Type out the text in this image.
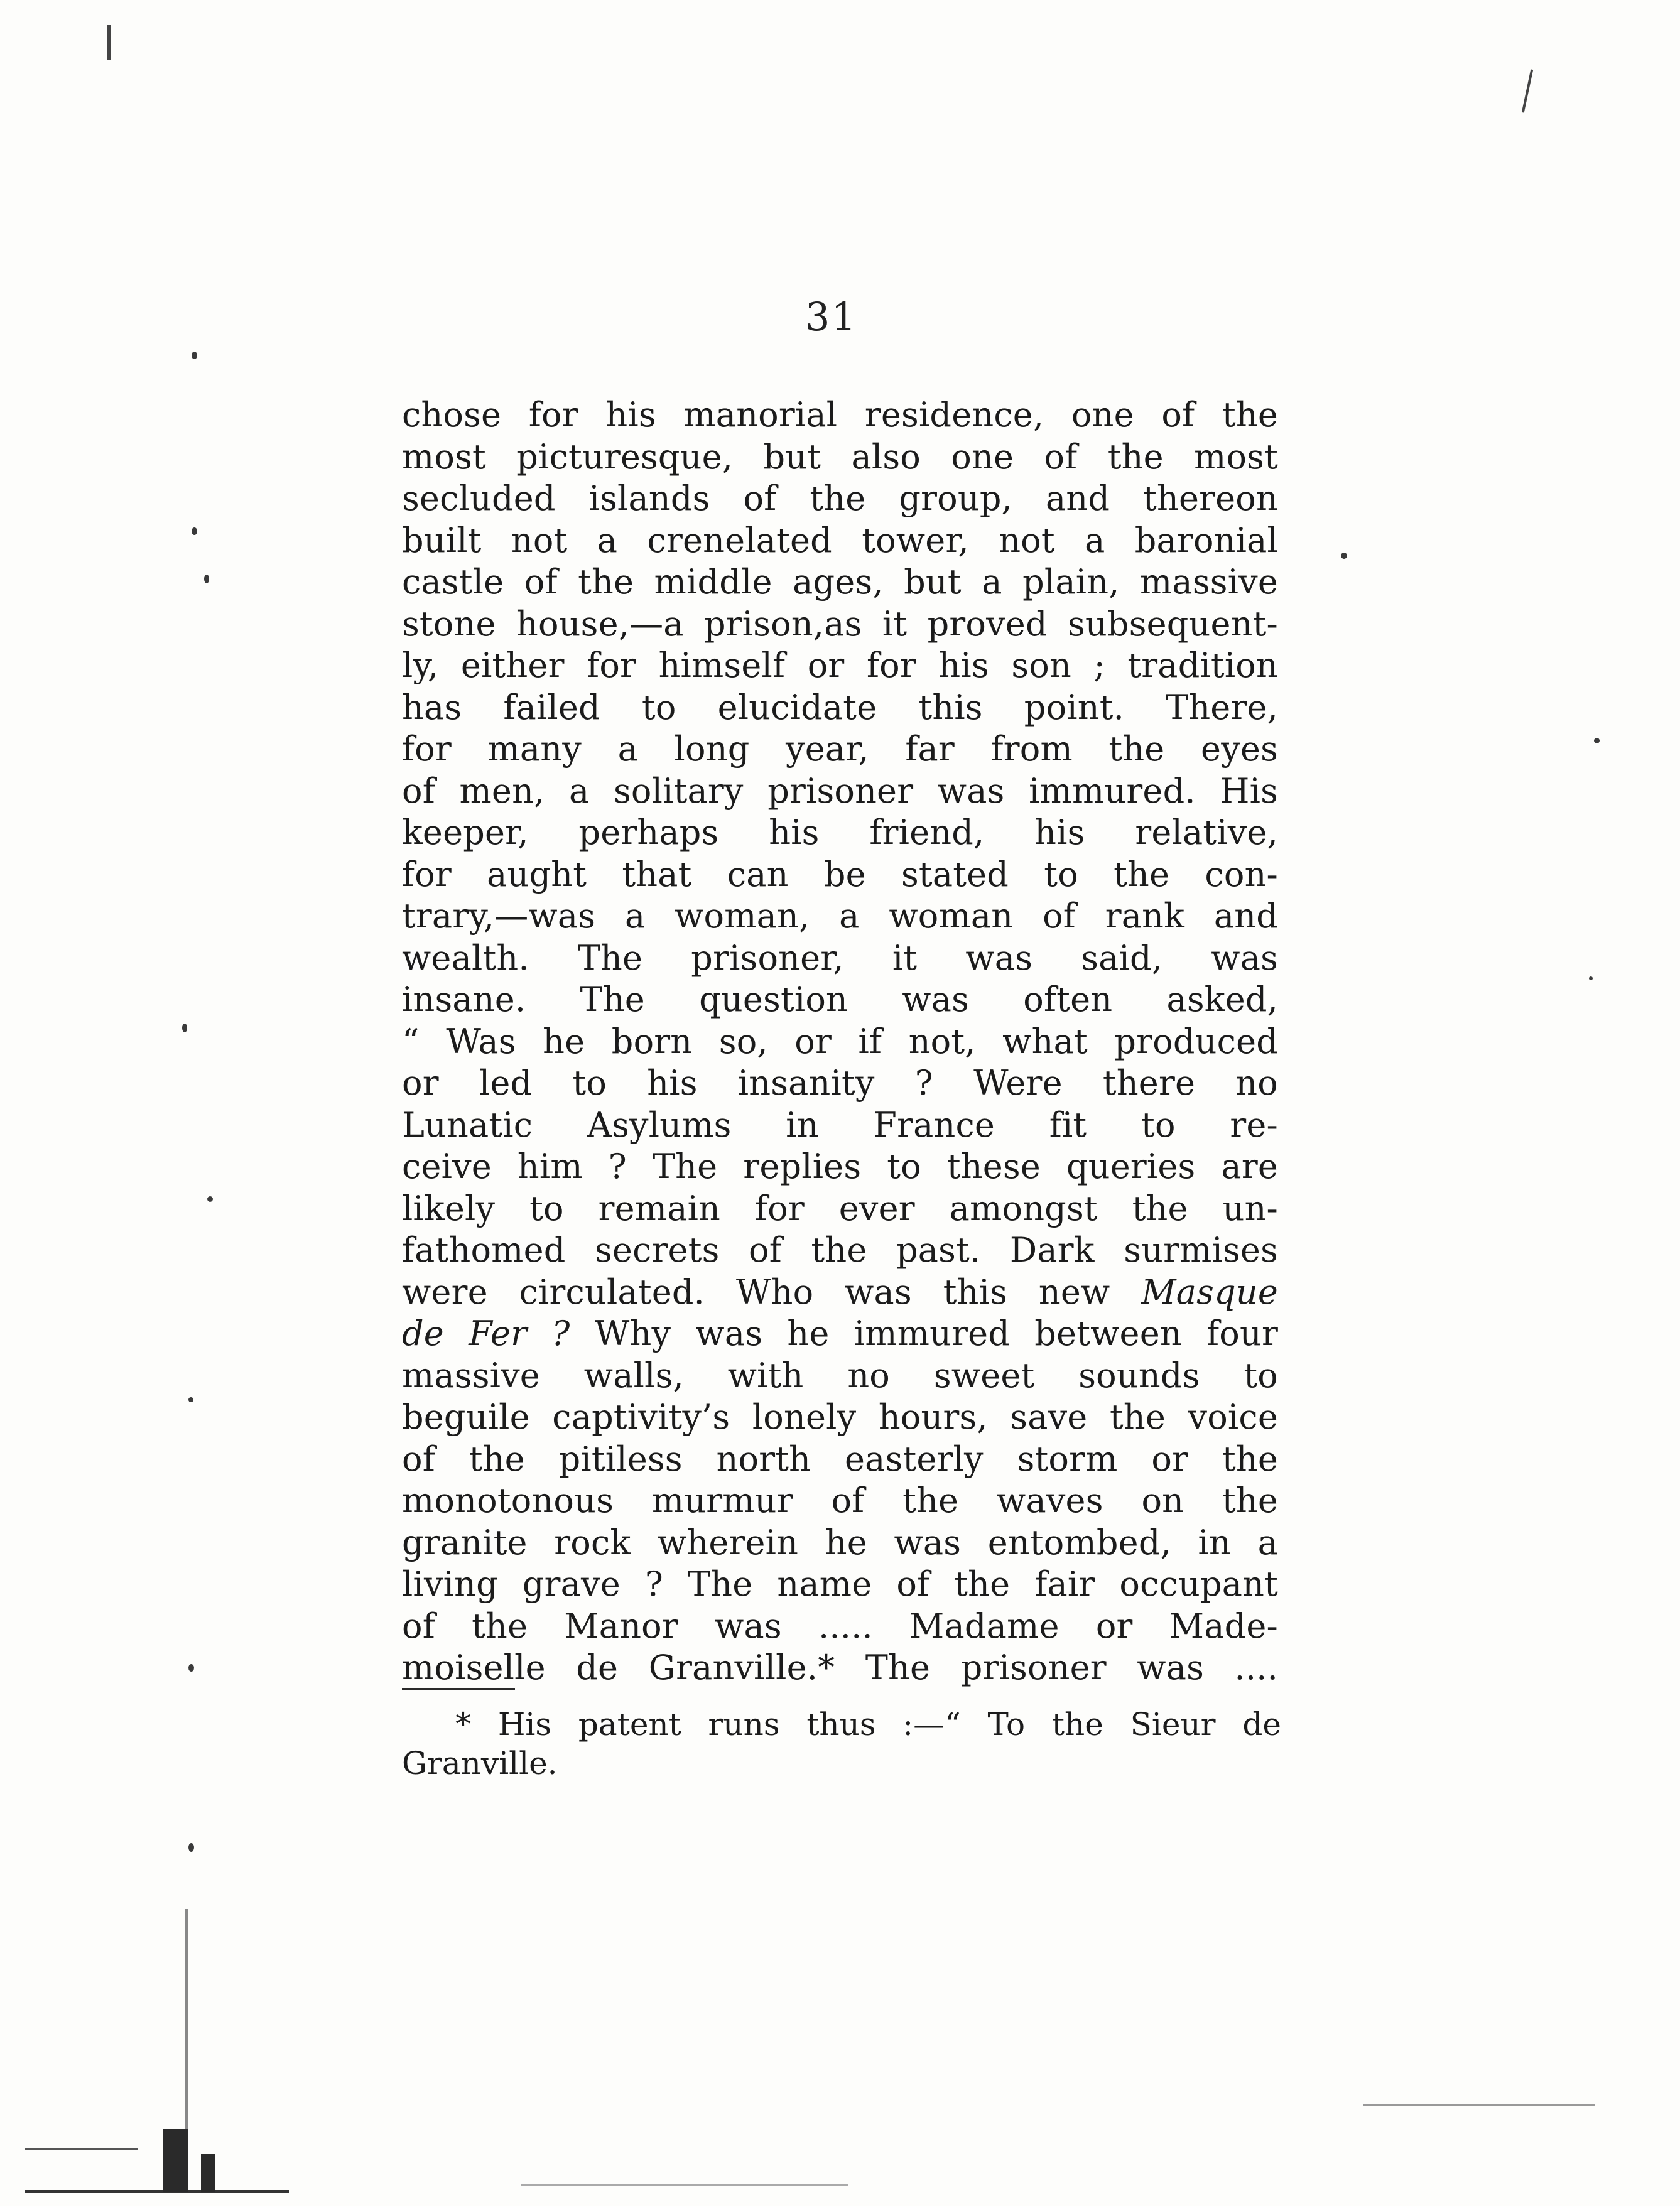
31
chose for his manorial residence, one of the
most picturesque, but also one of the most
secluded islands of the group, and thereon
built not a crenelated tower, not a baronial
castle of the middle ages, but a plain, massive
stone house,—a prison,as it proved subsequent-
ly, either for himself or for his son ; tradition
has failed to elucidate this point. There,
for many a long year, far from the eyes
of men, a solitary prisoner was immured. His
keeper, perhaps his friend, his relative,
for aught that can be stated to the con-
trary,—was a woman, a woman of rank and
wealth. The prisoner, it was said, was
insane. The question was often asked,
“ Was he born so, or if not, what produced
or led to his insanity ? Were there no
Lunatic Asylums in France fit to re-
ceive him ? The replies to these queries are
likely to remain for ever amongst the un-
fathomed secrets of the past. Dark surmises
were circulated. Who was this new Masque
de Fer ? Why was he immured between four
massive walls, with no sweet sounds to
beguile captivity’s lonely hours, save the voice
of the pitiless north easterly storm or the
monotonous murmur of the waves on the
granite rock wherein he was entombed, in a
living grave ? The name of the fair occupant
of the Manor was ..... Madame or Made-
moiselle de Granville.* The prisoner was ....
* His patent runs thus :—“ To the Sieur de
Granville.
